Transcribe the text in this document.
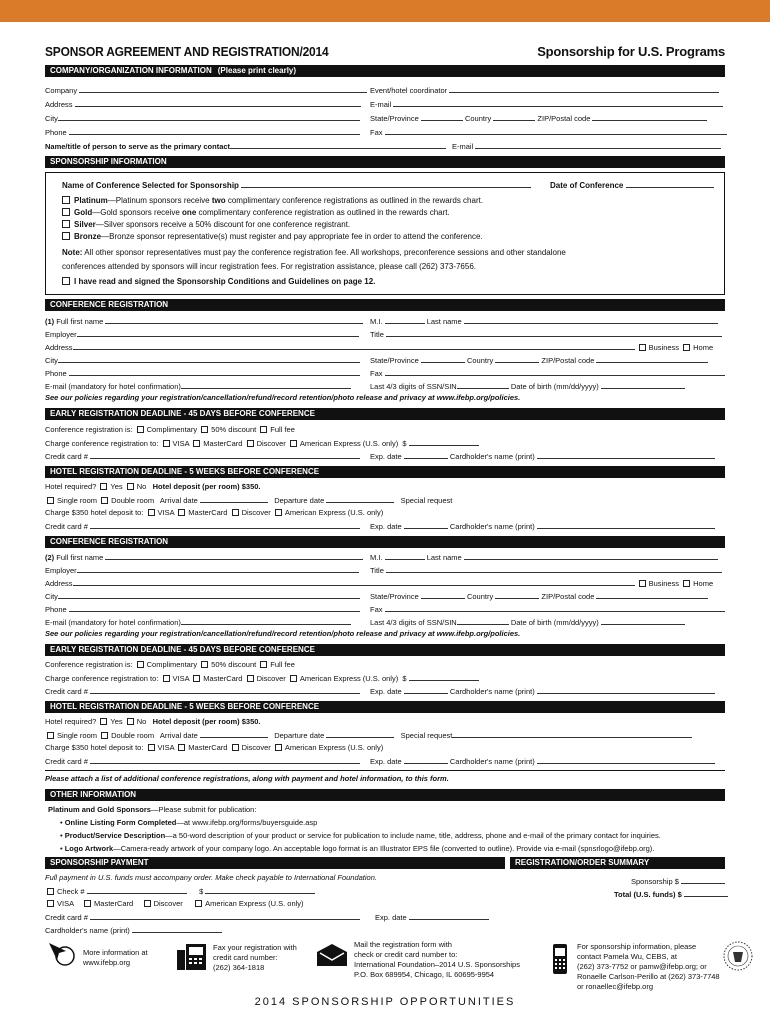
SPONSOR AGREEMENT AND REGISTRATION/2014	Sponsorship for U.S. Programs
COMPANY/ORGANIZATION INFORMATION (Please print clearly)
Company	Event/hotel coordinator
Address	E-mail
City	State/Province	Country	ZIP/Postal code
Phone	Fax
Name/title of person to serve as the primary contact	E-mail
SPONSORSHIP INFORMATION
Name of Conference Selected for Sponsorship	Date of Conference
Platinum—Platinum sponsors receive two complimentary conference registrations as outlined in the rewards chart.
Gold—Gold sponsors receive one complimentary conference registration as outlined in the rewards chart.
Silver—Silver sponsors receive a 50% discount for one conference registrant.
Bronze—Bronze sponsor representative(s) must register and pay appropriate fee in order to attend the conference.
Note: All other sponsor representatives must pay the conference registration fee. All workshops, preconference sessions and other standalone
conferences attended by sponsors will incur registration fees. For registration assistance, please call (262) 373-7656.
I have read and signed the Sponsorship Conditions and Guidelines on page 12.
CONFERENCE REGISTRATION
(1) Full first name	M.I.	Last name
Employer	Title
Address	Business Home
City	State/Province	Country	ZIP/Postal code
Phone	Fax
E-mail (mandatory for hotel confirmation)	Last 4/3 digits of SSN/SIN	Date of birth (mm/dd/yyyy)
See our policies regarding your registration/cancellation/refund/record retention/photo release and privacy at www.ifebp.org/policies.
EARLY REGISTRATION DEADLINE - 45 DAYS BEFORE CONFERENCE
Conference registration is: Complimentary 50% discount Full fee
Charge conference registration to: VISA MasterCard Discover American Express (U.S. only) $
Credit card #	Exp. date	Cardholder's name (print)
HOTEL REGISTRATION DEADLINE - 5 WEEKS BEFORE CONFERENCE
Hotel required? Yes No Hotel deposit (per room) $350.
Single room Double room Arrival date	Departure date	Special request
Charge $350 hotel deposit to: VISA MasterCard Discover American Express (U.S. only)
Credit card #	Exp. date	Cardholder's name (print)
CONFERENCE REGISTRATION
(2) Full first name	M.I.	Last name
Employer	Title
Address	Business Home
City	State/Province	Country	ZIP/Postal code
Phone	Fax
E-mail (mandatory for hotel confirmation)	Last 4/3 digits of SSN/SIN	Date of birth (mm/dd/yyyy)
See our policies regarding your registration/cancellation/refund/record retention/photo release and privacy at www.ifebp.org/policies.
EARLY REGISTRATION DEADLINE - 45 DAYS BEFORE CONFERENCE
Conference registration is: Complimentary 50% discount Full fee
Charge conference registration to: VISA MasterCard Discover American Express (U.S. only) $
Credit card #	Exp. date	Cardholder's name (print)
HOTEL REGISTRATION DEADLINE - 5 WEEKS BEFORE CONFERENCE
Hotel required? Yes No Hotel deposit (per room) $350.
Single room Double room Arrival date	Departure date	Special request
Charge $350 hotel deposit to: VISA MasterCard Discover American Express (U.S. only)
Credit card #	Exp. date	Cardholder's name (print)
Please attach a list of additional conference registrations, along with payment and hotel information, to this form.
OTHER INFORMATION
Platinum and Gold Sponsors—Please submit for publication:
• Online Listing Form Completed—at www.ifebp.org/forms/buyersguide.asp
• Product/Service Description—a 50-word description of your product or service for publication to include name, title, address, phone and e-mail of the primary contact for inquiries.
• Logo Artwork—Camera-ready artwork of your company logo. An acceptable logo format is an Illustrator EPS file (converted to outline). Provide via e-mail (spnsrlogo@ifebp.org).
SPONSORSHIP PAYMENT	REGISTRATION/ORDER SUMMARY
Full payment in U.S. funds must accompany order. Make check payable to International Foundation.
Check #	$
VISA	MasterCard	Discover	American Express (U.S. only)
Credit card #	Exp. date
Cardholder's name (print)
Sponsorship $
Total (U.S. funds) $
More information at
www.ifebp.org
Fax your registration with
credit card number:
(262) 364-1818
Mail the registration form with
check or credit card number to:
International Foundation–2014 U.S. Sponsorships
P.O. Box 689954, Chicago, IL 60695-9954
For sponsorship information, please
contact Pamela Wu, CEBS, at
(262) 373-7752 or pamw@ifebp.org; or
Ronaelle Carlson-Perillo at (262) 373-7748
or ronaellec@ifebp.org
2014 SPONSORSHIP OPPORTUNITIES
